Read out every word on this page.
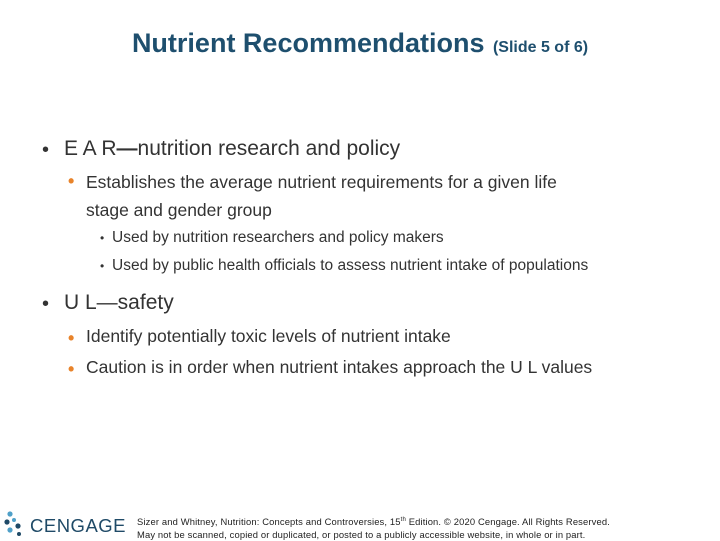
Nutrient Recommendations (Slide 5 of 6)
• E A R—nutrition research and policy
• Establishes the average nutrient requirements for a given life
stage and gender group
• Used by nutrition researchers and policy makers
• Used by public health officials to assess nutrient intake of populations
• U L—safety
• Identify potentially toxic levels of nutrient intake
• Caution is in order when nutrient intakes approach the U L values
CENGAGE Sizer and Whitney, Nutrition: Concepts and Controversies, 15th Edition. © 2020 Cengage. All Rights Reserved.
May not be scanned, copied or duplicated, or posted to a publicly accessible website, in whole or in part.
